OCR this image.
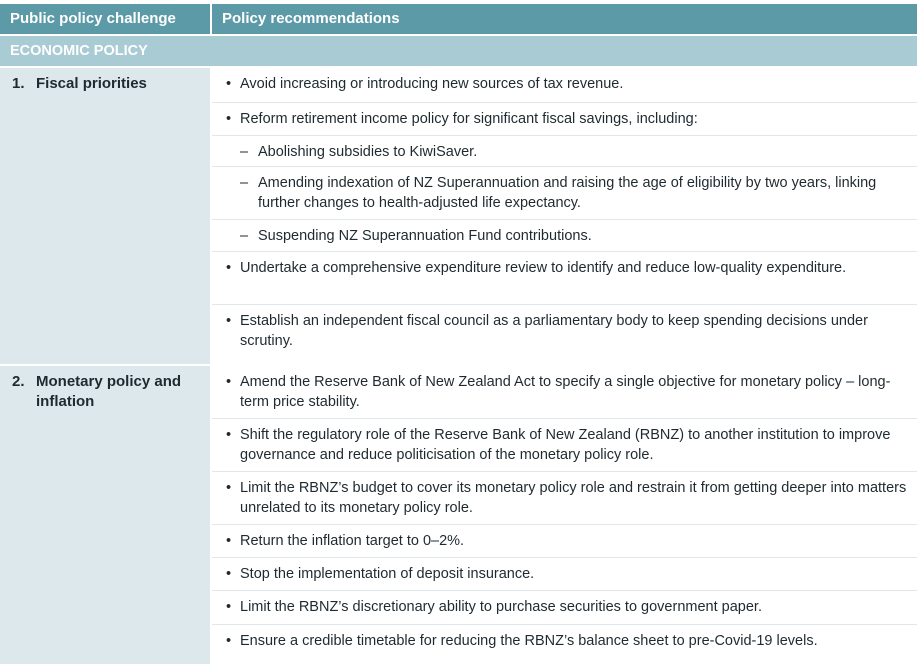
Public policy challenge	Policy recommendations
ECONOMIC POLICY
1. Fiscal priorities	• Avoid increasing or introducing new sources of tax revenue.
• Reform retirement income policy for significant fiscal savings, including:
– Abolishing subsidies to KiwiSaver.
– Amending indexation of NZ Superannuation and raising the age of eligibility by two years, linking further changes to health-adjusted life expectancy.
– Suspending NZ Superannuation Fund contributions.
• Undertake a comprehensive expenditure review to identify and reduce low-quality expenditure.
• Establish an independent fiscal council as a parliamentary body to keep spending decisions under scrutiny.
2. Monetary policy and inflation
• Amend the Reserve Bank of New Zealand Act to specify a single objective for monetary policy – long-term price stability.
• Shift the regulatory role of the Reserve Bank of New Zealand (RBNZ) to another institution to improve governance and reduce politicisation of the monetary policy role.
• Limit the RBNZ’s budget to cover its monetary policy role and restrain it from getting deeper into matters unrelated to its monetary policy role.
• Return the inflation target to 0–2%.
• Stop the implementation of deposit insurance.
• Limit the RBNZ’s discretionary ability to purchase securities to government paper.
• Ensure a credible timetable for reducing the RBNZ’s balance sheet to pre-Covid-19 levels.
